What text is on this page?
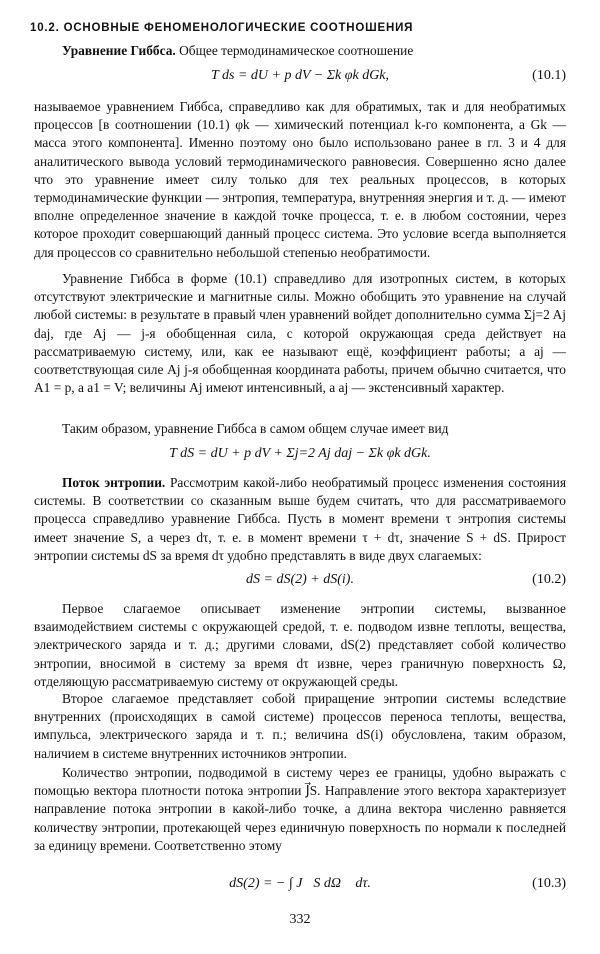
10.2. ОСНОВНЫЕ ФЕНОМЕНОЛОГИЧЕСКИЕ СООТНОШЕНИЯ

Уравнение Гиббса. Общее термодинамическое соотношение

T ds = dU + p dV − Σk φk dGk,	(10.1)

называемое уравнением Гиббса, справедливо как для обратимых, так и для необратимых процессов [в соотношении (10.1) φk — химический потенциал k-го компонента, а Gk — масса этого компонента]. Именно поэтому оно было использовано ранее в гл. 3 и 4 для аналитического вывода условий термодинамического равновесия. Совершенно ясно далее что это уравнение имеет силу только для тех реальных процессов, в которых термодинамические функции — энтропия, температура, внутренняя энергия и т. д. — имеют вполне определенное значение в каждой точке процесса, т. е. в любом состоянии, через которое проходит совершающий данный процесс система. Это условие всегда выполняется для процессов со сравнительно небольшой степенью необратимости.

Уравнение Гиббса в форме (10.1) справедливо для изотропных систем, в которых отсутствуют электрические и магнитные силы. Можно обобщить это уравнение на случай любой системы: в результате в правый член уравнений войдет дополнительно сумма Σj=2 Aj daj, где Aj — j-я обобщенная сила, с которой окружающая среда действует на рассматриваемую систему, или, как ее называют ещё, коэффициент работы; а aj — соответствующая силе Aj j-я обобщенная координата работы, причем обычно считается, что A1 = p, а a1 = V; величины Aj имеют интенсивный, а aj — экстенсивный характер.

Таким образом, уравнение Гиббса в самом общем случае имеет вид

T dS = dU + p dV + Σj=2 Aj daj − Σk φk dGk.

Поток энтропии. Рассмотрим какой-либо необратимый процесс изменения состояния системы. В соответствии со сказанным выше будем считать, что для рассматриваемого процесса справедливо уравнение Гиббса. Пусть в момент времени τ энтропия системы имеет значение S, а через dτ, т. е. в момент времени τ + dτ, значение S + dS. Прирост энтропии системы dS за время dτ удобно представлять в виде двух слагаемых:

dS = dS(2) + dS(i).	(10.2)

Первое слагаемое описывает изменение энтропии системы, вызванное взаимодействием системы с окружающей средой, т. е. подводом извне теплоты, вещества, электрического заряда и т. д.; другими словами, dS(2) представляет собой количество энтропии, вносимой в систему за время dτ извне, через граничную поверхность Ω, отделяющую рассматриваемую систему от окружающей среды.

Второе слагаемое представляет собой приращение энтропии системы вследствие внутренних (происходящих в самой системе) процессов переноса теплоты, вещества, импульса, электрического заряда и т. п.; величина dS(i) обусловлена, таким образом, наличием в системе внутренних источников энтропии.

Количество энтропии, подводимой в систему через ее границы, удобно выражать с помощью вектора плотности потока энтропии J⃗S. Направление этого вектора характеризует направление потока энтропии в какой-либо точке, а длина вектора численно равняется количеству энтропии, протекающей через единичную поверхность по нормали к последней за единицу времени. Соответственно этому

dS(2) = − ∫ J⃗S dΩ⃗ dτ.	(10.3)
332
